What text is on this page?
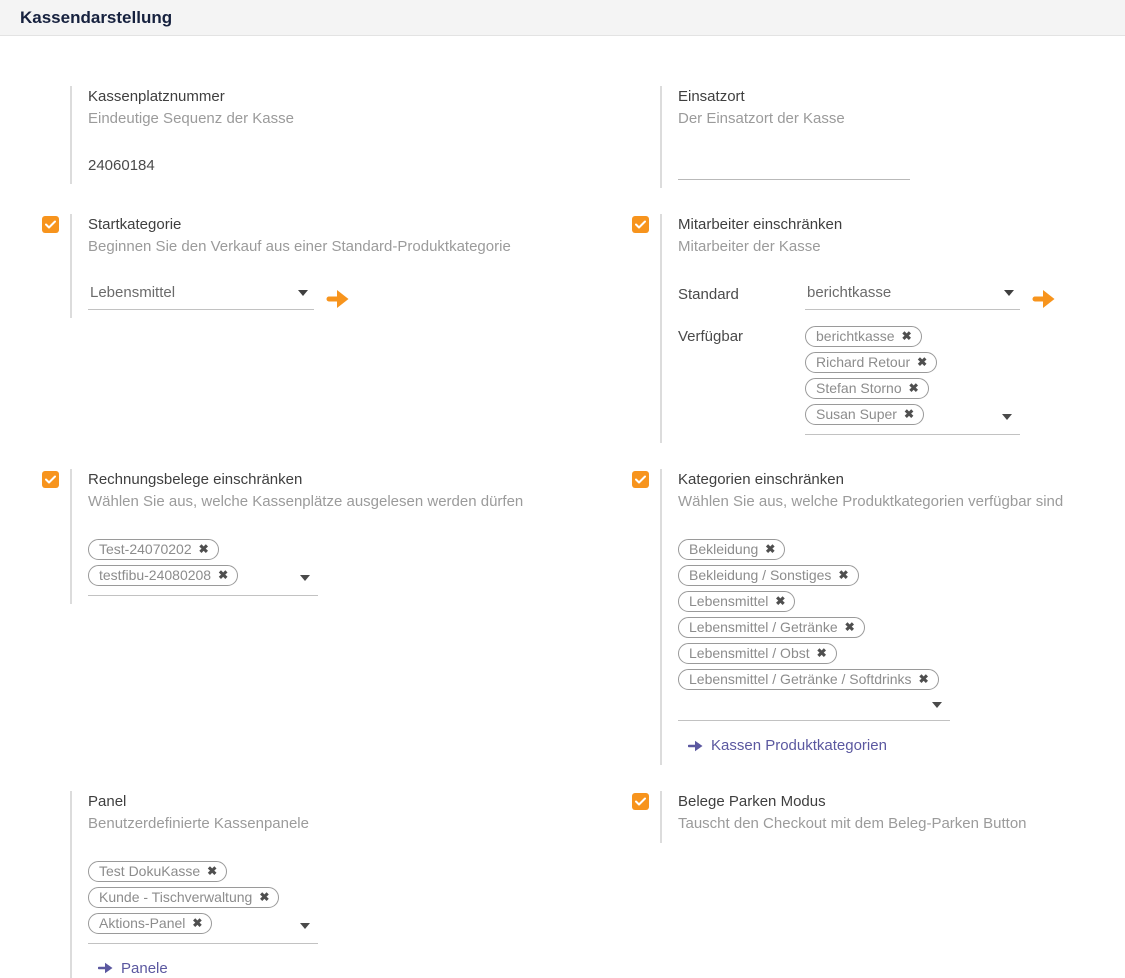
Kassendarstellung
Kassenplatznummer
Eindeutige Sequenz der Kasse
24060184
Einsatzort
Der Einsatzort der Kasse
Startkategorie
Beginnen Sie den Verkauf aus einer Standard-Produktkategorie
Lebensmittel
Mitarbeiter einschränken
Mitarbeiter der Kasse
Standard	berichtkasse
Verfügbar	berichtkasse ✖
Richard Retour ✖
Stefan Storno ✖
Susan Super ✖
Rechnungsbelege einschränken
Wählen Sie aus, welche Kassenplätze ausgelesen werden dürfen
Test-24070202 ✖
testfibu-24080208 ✖
Kategorien einschränken
Wählen Sie aus, welche Produktkategorien verfügbar sind
Bekleidung ✖
Bekleidung / Sonstiges ✖
Lebensmittel ✖
Lebensmittel / Getränke ✖
Lebensmittel / Obst ✖
Lebensmittel / Getränke / Softdrinks ✖
Kassen Produktkategorien
Panel
Benutzerdefinierte Kassenpanele
Test DokuKasse ✖
Kunde - Tischverwaltung ✖
Aktions-Panel ✖
Panele
Belege Parken Modus
Tauscht den Checkout mit dem Beleg-Parken Button
